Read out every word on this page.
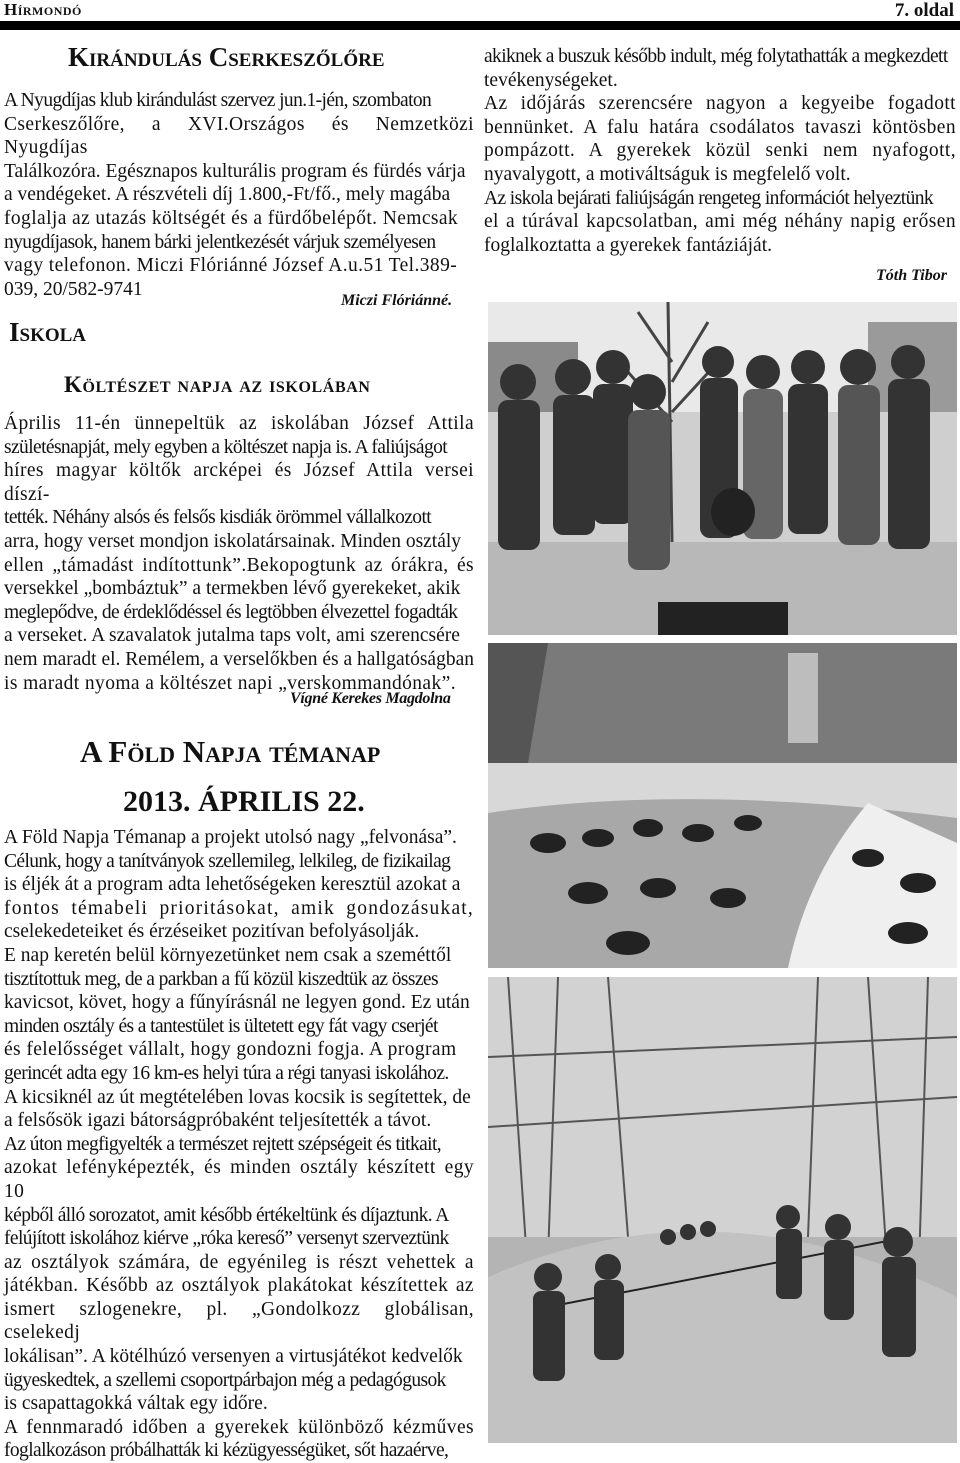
Hírmondó	7. oldal
Kirándulás Cserkeszőlőre

A Nyugdíjas klub kirándulást szervez jun.1-jén, szombaton

Cserkeszőlőre, a XVI.Országos és Nemzetközi Nyugdíjas

Találkozóra. Egésznapos kulturális program és fürdés várja

a vendégeket. A részvételi díj 1.800,-Ft/fő., mely magába

foglalja az utazás költségét és a fürdőbelépőt. Nemcsak

nyugdíjasok, hanem bárki jelentkezését várjuk személyesen

vagy telefonon. Miczi Flóriánné József A.u.51 Tel.389-

039, 20/582-9741

Miczi Flóriánné.
Iskola
Költészet napja az iskolában

Április 11-én ünnepeltük az iskolában József Attila

születésnapját, mely egyben a költészet napja is. A faliújságot

híres magyar költők arcképei és József Attila versei díszí-

tették. Néhány alsós és felsős kisdiák örömmel vállalkozott

arra, hogy verset mondjon iskolatársainak. Minden osztály

ellen „támadást indítottunk”.Bekopogtunk az órákra, és

versekkel „bombáztuk” a termekben lévő gyerekeket, akik

meglepődve, de érdeklődéssel és legtöbben élvezettel fogadták

a verseket. A szavalatok jutalma taps volt, ami szerencsére

nem maradt el. Remélem, a verselőkben és a hallgatóságban

is maradt nyoma a költészet napi „verskommandónak”.

Vígné Kerekes Magdolna
A Föld Napja témanap
2013. ÁPRILIS 22.

A Föld Napja Témanap a projekt utolsó nagy „felvonása”.

Célunk, hogy a tanítványok szellemileg, lelkileg, de fizikailag

is éljék át a program adta lehetőségeken keresztül azokat a

fontos témabeli prioritásokat, amik gondozásukat,

cselekedeteiket és érzéseiket pozitívan befolyásolják.

E nap keretén belül környezetünket nem csak a szeméttől

tisztítottuk meg, de a parkban a fű közül kiszedtük az összes

kavicsot, követ, hogy a fűnyírásnál ne legyen gond. Ez után

minden osztály és a tantestület is ültetett egy fát vagy cserjét

és felelősséget vállalt, hogy gondozni fogja. A program

gerincét adta egy 16 km-es helyi túra a régi tanyasi iskolához.

A kicsiknél az út megtételében lovas kocsik is segítettek, de

a felsősök igazi bátorságpróbaként teljesítették a távot.

Az úton megfigyelték a természet rejtett szépségeit és titkait,

azokat lefényképezték, és minden osztály készített egy 10

képből álló sorozatot, amit később értékeltünk és díjaztunk. A

felújított iskolához kiérve „róka kereső” versenyt szerveztünk

az osztályok számára, de egyénileg is részt vehettek a

játékban. Később az osztályok plakátokat készítettek az

ismert szlogenekre, pl. „Gondolkozz globálisan, cselekedj

lokálisan”. A kötélhúzó versenyen a virtusjátékot kedvelők

ügyeskedtek, a szellemi csoportpárbajon még a pedagógusok

is csapattagokká váltak egy időre.

A fennmaradó időben a gyerekek különböző kézműves

foglalkozáson próbálhatták ki kézügyességüket, sőt hazaérve,

akiknek a buszuk később indult, még folytathatták a megkezdett

tevékenységeket.

Az időjárás szerencsére nagyon a kegyeibe fogadott

bennünket. A falu határa csodálatos tavaszi köntösben

pompázott. A gyerekek közül senki nem nyafogott,

nyavalygott, a motiváltságuk is megfelelő volt.

Az iskola bejárati faliújságán rengeteg információt helyeztünk

el a túrával kapcsolatban, ami még néhány napig erősen

foglalkoztatta a gyerekek fantáziáját.

Tóth Tibor
